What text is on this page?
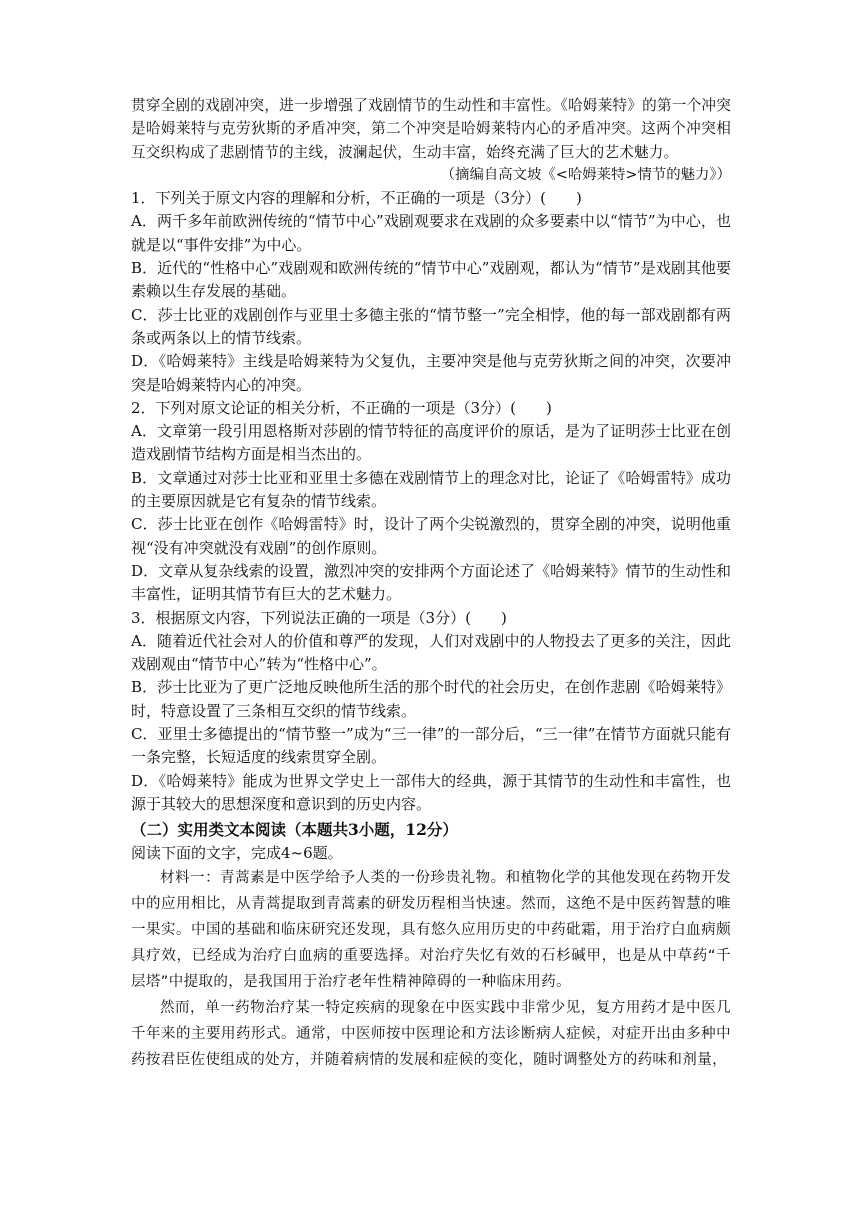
贯穿全剧的戏剧冲突，进一步增强了戏剧情节的生动性和丰富性。《哈姆莱特》的第一个冲突是哈姆莱特与克劳狄斯的矛盾冲突，第二个冲突是哈姆莱特内心的矛盾冲突。这两个冲突相互交织构成了悲剧情节的主线，波澜起伏，生动丰富，始终充满了巨大的艺术魅力。

（摘编自高文坡《<哈姆莱特>情节的魅力》）

1．下列关于原文内容的理解和分析，不正确的一项是（3分）(　　)

A．两千多年前欧洲传统的“情节中心”戏剧观要求在戏剧的众多要素中以“情节”为中心，也就是以“事件安排”为中心。

B．近代的“性格中心”戏剧观和欧洲传统的“情节中心”戏剧观，都认为“情节”是戏剧其他要素赖以生存发展的基础。

C．莎士比亚的戏剧创作与亚里士多德主张的“情节整一”完全相悖，他的每一部戏剧都有两条或两条以上的情节线索。

D．《哈姆莱特》主线是哈姆莱特为父复仇，主要冲突是他与克劳狄斯之间的冲突，次要冲突是哈姆莱特内心的冲突。

2．下列对原文论证的相关分析，不正确的一项是（3分）(　　)

A．文章第一段引用恩格斯对莎剧的情节特征的高度评价的原话，是为了证明莎士比亚在创造戏剧情节结构方面是相当杰出的。

B．文章通过对莎士比亚和亚里士多德在戏剧情节上的理念对比，论证了《哈姆雷特》成功的主要原因就是它有复杂的情节线索。

C．莎士比亚在创作《哈姆雷特》时，设计了两个尖锐激烈的，贯穿全剧的冲突，说明他重视“没有冲突就没有戏剧”的创作原则。

D．文章从复杂线索的设置，激烈冲突的安排两个方面论述了《哈姆莱特》情节的生动性和丰富性，证明其情节有巨大的艺术魅力。

3．根据原文内容，下列说法正确的一项是（3分）(　　)

A．随着近代社会对人的价值和尊严的发现，人们对戏剧中的人物投去了更多的关注，因此戏剧观由“情节中心”转为“性格中心”。

B．莎士比亚为了更广泛地反映他所生活的那个时代的社会历史，在创作悲剧《哈姆莱特》时，特意设置了三条相互交织的情节线索。

C．亚里士多德提出的“情节整一”成为“三一律”的一部分后，“三一律”在情节方面就只能有一条完整，长短适度的线索贯穿全剧。

D．《哈姆莱特》能成为世界文学史上一部伟大的经典，源于其情节的生动性和丰富性，也源于其较大的思想深度和意识到的历史内容。

（二）实用类文本阅读（本题共3小题，12分）

阅读下面的文字，完成4~6题。

材料一：青蒿素是中医学给予人类的一份珍贵礼物。和植物化学的其他发现在药物开发中的应用相比，从青蒿提取到青蒿素的研发历程相当快速。然而，这绝不是中医药智慧的唯一果实。中国的基础和临床研究还发现，具有悠久应用历史的中药砒霜，用于治疗白血病颇具疗效，已经成为治疗白血病的重要选择。对治疗失忆有效的石杉碱甲，也是从中草药“千层塔”中提取的，是我国用于治疗老年性精神障碍的一种临床用药。

然而，单一药物治疗某一特定疾病的现象在中医实践中非常少见，复方用药才是中医几千年来的主要用药形式。通常，中医师按中医理论和方法诊断病人症候，对症开出由多种中药按君臣佐使组成的处方，并随着病情的发展和症候的变化，随时调整处方的药味和剂量，
